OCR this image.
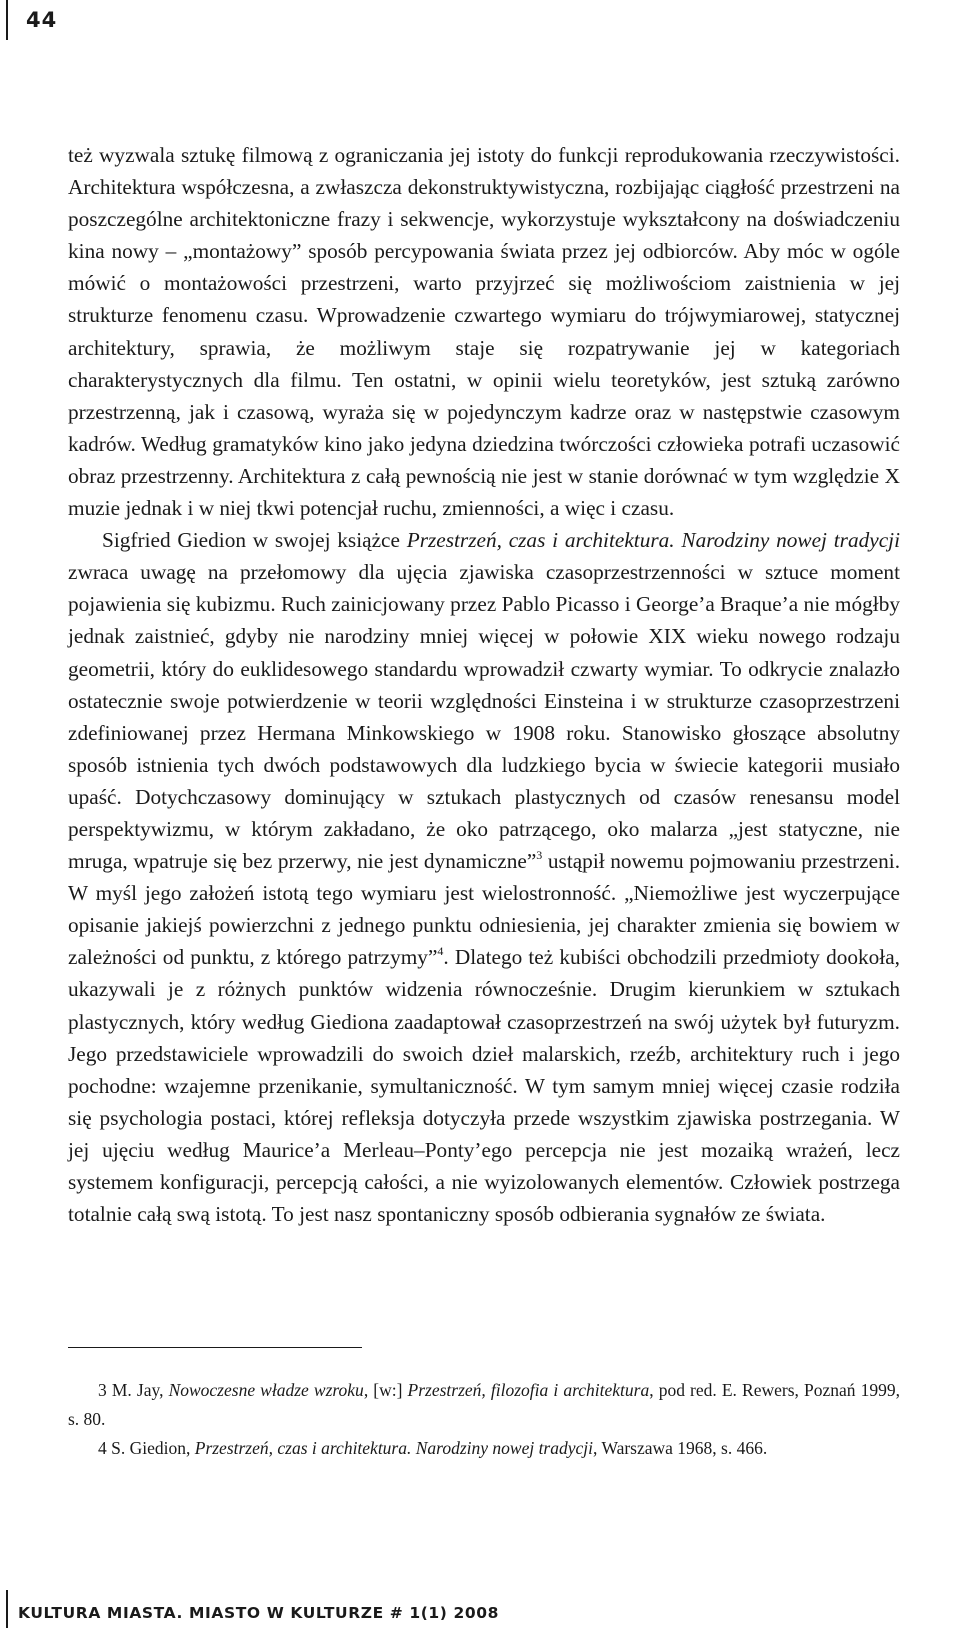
44

też wyzwala sztukę filmową z ograniczania jej istoty do funkcji reprodukowania rzeczywistości. Architektura współczesna, a zwłaszcza dekonstruktywistyczna, rozbijając ciągłość przestrzeni na poszczególne architektoniczne frazy i sekwencje, wykorzystuje wykształcony na doświadczeniu kina nowy – „montażowy” sposób percypowania świata przez jej odbiorców. Aby móc w ogóle mówić o montażowości przestrzeni, warto przyjrzeć się możliwościom zaistnienia w jej strukturze fenomenu czasu. Wprowadzenie czwartego wymiaru do trójwymiarowej, statycznej architektury, sprawia, że możliwym staje się rozpatrywanie jej w kategoriach charakterystycznych dla filmu. Ten ostatni, w opinii wielu teoretyków, jest sztuką zarówno przestrzenną, jak i czasową, wyraża się w pojedynczym kadrze oraz w następstwie czasowym kadrów. Według gramatyków kino jako jedyna dziedzina twórczości człowieka potrafi uczasowić obraz przestrzenny. Architektura z całą pewnością nie jest w stanie dorównać w tym względzie X muzie jednak i w niej tkwi potencjał ruchu, zmienności, a więc i czasu.

Sigfried Giedion w swojej książce Przestrzeń, czas i architektura. Narodziny nowej tradycji zwraca uwagę na przełomowy dla ujęcia zjawiska czasoprzestrzenności w sztuce moment pojawienia się kubizmu. Ruch zainicjowany przez Pablo Picasso i George’a Braque’a nie mógłby jednak zaistnieć, gdyby nie narodziny mniej więcej w połowie XIX wieku nowego rodzaju geometrii, który do euklidesowego standardu wprowadził czwarty wymiar. To odkrycie znalazło ostatecznie swoje potwierdzenie w teorii względności Einsteina i w strukturze czasoprzestrzeni zdefiniowanej przez Hermana Minkowskiego w 1908 roku. Stanowisko głoszące absolutny sposób istnienia tych dwóch podstawowych dla ludzkiego bycia w świecie kategorii musiało upaść. Dotychczasowy dominujący w sztukach plastycznych od czasów renesansu model perspektywizmu, w którym zakładano, że oko patrzącego, oko malarza „jest statyczne, nie mruga, wpatruje się bez przerwy, nie jest dynamiczne”$^3$ ustąpił nowemu pojmowaniu przestrzeni. W myśl jego założeń istotą tego wymiaru jest wielostronność. „Niemożliwe jest wyczerpujące opisanie jakiejś powierzchni z jednego punktu odniesienia, jej charakter zmienia się bowiem w zależności od punktu, z którego patrzymy”$^4$. Dlatego też kubiści obchodzili przedmioty dookoła, ukazywali je z różnych punktów widzenia równocześnie. Drugim kierunkiem w sztukach plastycznych, który według Giediona zaadaptował czasoprzestrzeń na swój użytek był futuryzm. Jego przedstawiciele wprowadzili do swoich dzieł malarskich, rzeźb, architektury ruch i jego pochodne: wzajemne przenikanie, symultaniczność. W tym samym mniej więcej czasie rodziła się psychologia postaci, której refleksja dotyczyła przede wszystkim zjawiska postrzegania. W jej ujęciu według Maurice’a Merleau–Ponty’ego percepcja nie jest mozaiką wrażeń, lecz systemem konfiguracji, percepcją całości, a nie wyizolowanych elementów. Człowiek postrzega totalnie całą swą istotą. To jest nasz spontaniczny sposób odbierania sygnałów ze świata.

3 M. Jay, Nowoczesne władze wzroku, [w:] Przestrzeń, filozofia i architektura, pod red. E. Rewers, Poznań 1999, s. 80.

4 S. Giedion, Przestrzeń, czas i architektura. Narodziny nowej tradycji, Warszawa 1968, s. 466.

KULTURA MIASTA. MIASTO W KULTURZE # 1(1) 2008
